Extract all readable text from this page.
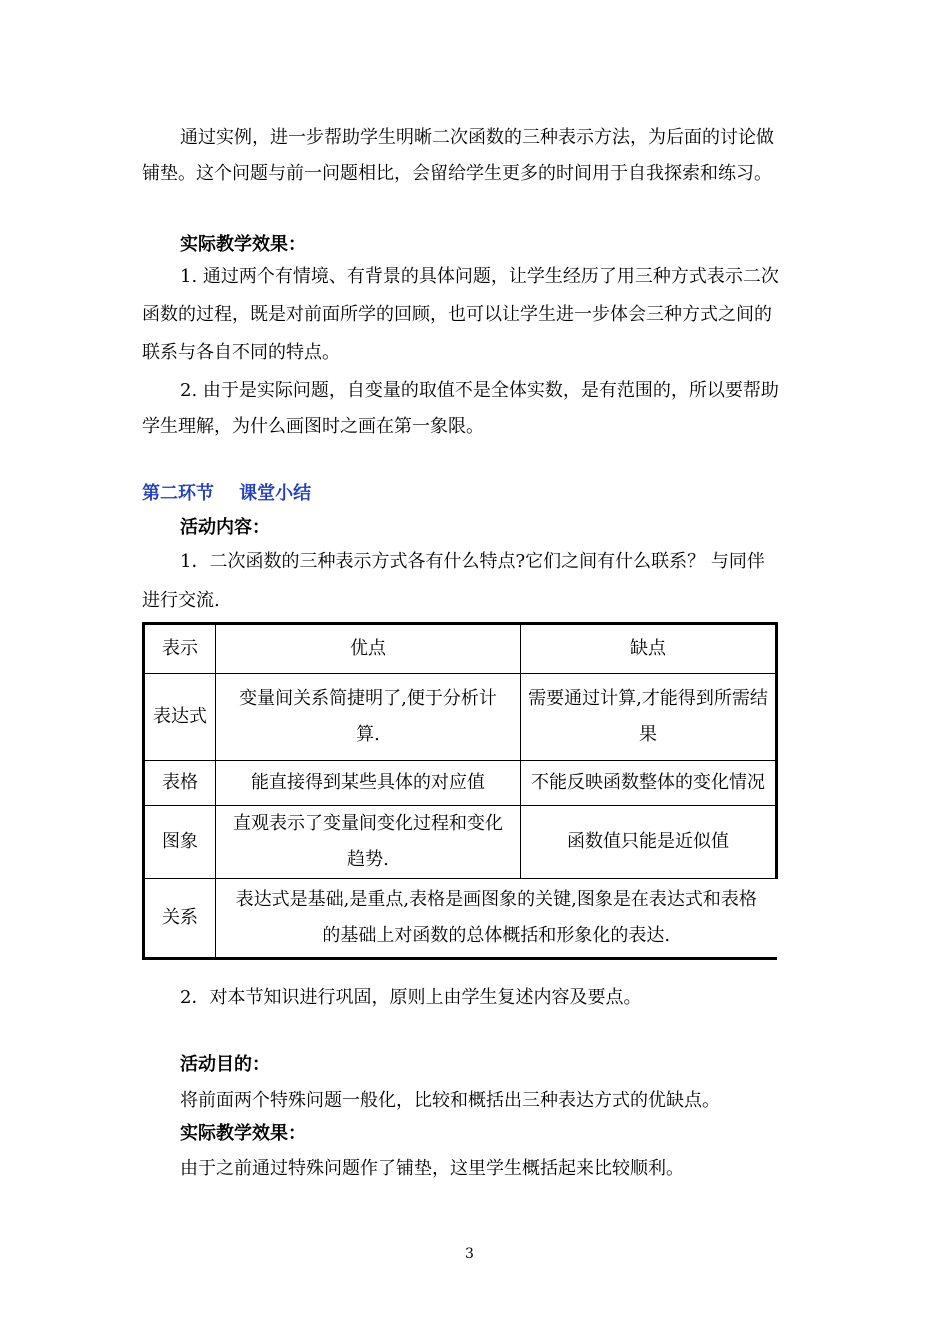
通过实例，进一步帮助学生明晰二次函数的三种表示方法，为后面的讨论做
铺垫。这个问题与前一问题相比，会留给学生更多的时间用于自我探索和练习。
实际教学效果：
1. 通过两个有情境、有背景的具体问题，让学生经历了用三种方式表示二次
函数的过程，既是对前面所学的回顾，也可以让学生进一步体会三种方式之间的
联系与各自不同的特点。
2. 由于是实际问题，自变量的取值不是全体实数，是有范围的，所以要帮助
学生理解，为什么画图时之画在第一象限。
第二环节    课堂小结
活动内容：
1．二次函数的三种表示方式各有什么特点?它们之间有什么联系？ 与同伴
进行交流.
表示	优点	缺点
表达式	变量间关系简捷明了,便于分析计
算.	需要通过计算,才能得到所需结
果

表格	能直接得到某些具体的对应值	不能反映函数整体的变化情况

图象	直观表示了变量间变化过程和变化
趋势.	函数值只能是近似值

关系	表达式是基础,是重点,表格是画图象的关键,图象是在表达式和表格
的基础上对函数的总体概括和形象化的表达.	
2．对本节知识进行巩固，原则上由学生复述内容及要点。
活动目的：
将前面两个特殊问题一般化，比较和概括出三种表达方式的优缺点。
实际教学效果：
由于之前通过特殊问题作了铺垫，这里学生概括起来比较顺利。
3
